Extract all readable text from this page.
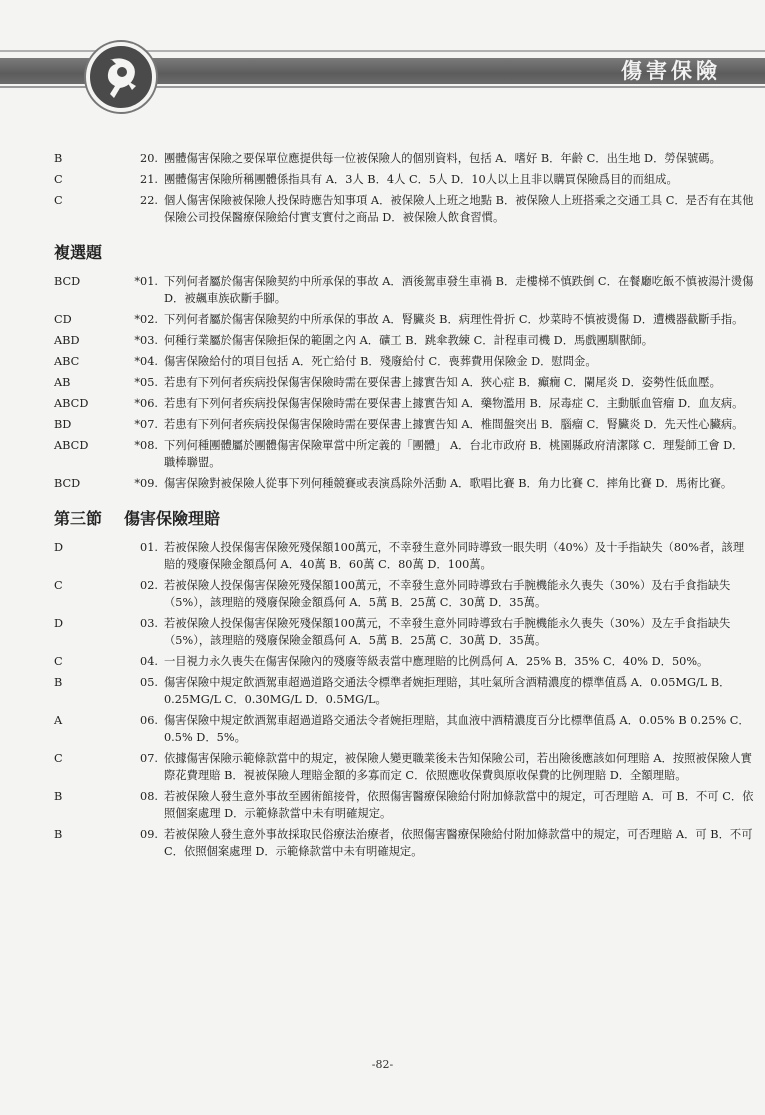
傷害保險
B	20. 團體傷害保險之要保單位應提供每一位被保險人的個別資料，包括 A．嗜好 B．年齡 C．出生地 D．勞保號碼。
C	21. 團體傷害保險所稱團體係指具有 A．3人 B．4人 C．5人 D．10人以上且非以購買保險爲目的而組成。
C	22. 個人傷害保險被保險人投保時應告知事項 A．被保險人上班之地點 B．被保險人上班搭乘之交通工具 C．是否有在其他保險公司投保醫療保險給付實支實付之商品 D．被保險人飲食習慣。
複選題
BCD	*01. 下列何者屬於傷害保險契約中所承保的事故 A．酒後駕車發生車禍 B．走樓梯不慎跌倒 C．在餐廳吃飯不慎被湯汁燙傷 D．被飆車族砍斷手腳。
CD	*02. 下列何者屬於傷害保險契約中所承保的事故 A．腎臟炎 B．病理性骨折 C．炒菜時不慎被燙傷 D．遭機器截斷手指。
ABD	*03. 何種行業屬於傷害保險拒保的範圍之內 A．礦工 B．跳傘教練 C．計程車司機 D．馬戲團馴獸師。
ABC	*04. 傷害保險給付的項目包括 A．死亡給付 B．殘廢給付 C．喪葬費用保險金 D．慰問金。
AB	*05. 若患有下列何者疾病投保傷害保險時需在要保書上據實告知 A．狹心症 B．癲癇 C．闌尾炎 D．姿勢性低血壓。
ABCD	*06. 若患有下列何者疾病投保傷害保險時需在要保書上據實告知 A．藥物濫用 B．尿毒症 C．主動脈血管瘤 D．血友病。
BD	*07. 若患有下列何者疾病投保傷害保險時需在要保書上據實告知 A．椎間盤突出 B．腦瘤 C．腎臟炎 D．先天性心臟病。
ABCD	*08. 下列何種團體屬於團體傷害保險單當中所定義的「團體」 A．台北市政府 B．桃園縣政府清潔隊 C．理髮師工會 D．職棒聯盟。
BCD	*09. 傷害保險對被保險人從事下列何種競賽或表演爲除外活動 A．歌唱比賽 B．角力比賽 C．摔角比賽 D．馬術比賽。
第三節	傷害保險理賠
D	01. 若被保險人投保傷害保險死殘保額100萬元，不幸發生意外同時導致一眼失明（40%）及十手指缺失（80%者，該理賠的殘廢保險金額爲何 A．40萬 B．60萬 C．80萬 D．100萬。
C	02. 若被保險人投保傷害保險死殘保額100萬元，不幸發生意外同時導致右手腕機能永久喪失（30%）及右手食指缺失（5%），該理賠的殘廢保險金額爲何 A．5萬 B．25萬 C．30萬 D．35萬。
D	03. 若被保險人投保傷害保險死殘保額100萬元，不幸發生意外同時導致右手腕機能永久喪失（30%）及左手食指缺失（5%），該理賠的殘廢保險金額爲何 A．5萬 B．25萬 C．30萬 D．35萬。
C	04. 一目視力永久喪失在傷害保險內的殘廢等級表當中應理賠的比例爲何 A．25% B．35% C．40% D．50%。
B	05. 傷害保險中規定飲酒駕車超過道路交通法令標準者婉拒理賠，其吐氣所含酒精濃度的標準值爲 A．0.05MG/L B．0.25MG/L C．0.30MG/L D．0.5MG/L。
A	06. 傷害保險中規定飲酒駕車超過道路交通法令者婉拒理賠，其血液中酒精濃度百分比標準值爲 A．0.05% B 0.25% C．0.5% D．5%。
C	07. 依據傷害保險示範條款當中的規定，被保險人變更職業後未告知保險公司，若出險後應該如何理賠 A．按照被保險人實際花費理賠 B．視被保險人理賠金額的多寡而定 C．依照應收保費與原收保費的比例理賠 D．全額理賠。
B	08. 若被保險人發生意外事故至國術館接骨，依照傷害醫療保險給付附加條款當中的規定，可否理賠 A．可 B．不可 C．依照個案處理 D．示範條款當中未有明確規定。
B	09. 若被保險人發生意外事故採取民俗療法治療者，依照傷害醫療保險給付附加條款當中的規定，可否理賠 A．可 B．不可 C．依照個案處理 D．示範條款當中未有明確規定。
-82-
